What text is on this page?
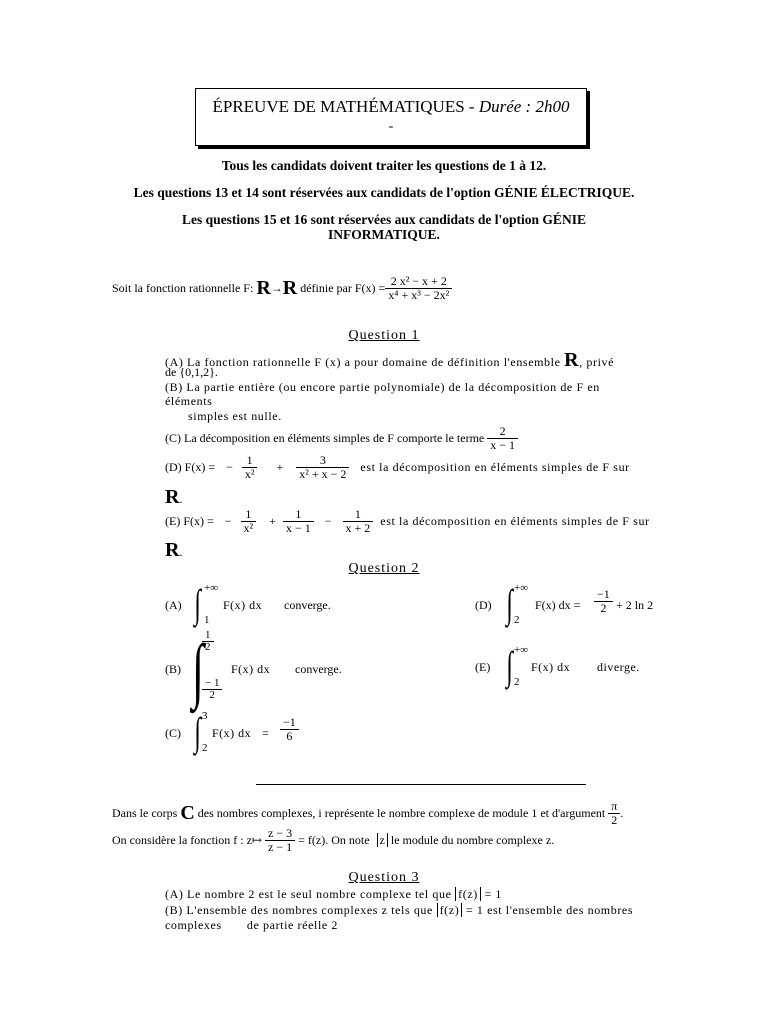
ÉPREUVE DE MATHÉMATIQUES - Durée : 2h00
-
Tous les candidats doivent traiter les questions de 1 à 12.
Les questions 13 et 14 sont réservées aux candidats de l'option GÉNIE ÉLECTRIQUE.
Les questions 15 et 16 sont réservées aux candidats de l'option GÉNIE
INFORMATIQUE.
Soit la fonction rationnelle F: R→R définie par $F(x) = \frac{\text{2 x² − x + 2}}{\text{x⁴ + x³ − 2x²}}$
Question 1
(A) La fonction rationnelle F (x) a pour domaine de définition l'ensemble R, privé
de {0,1,2}.
(B) La partie entière (ou encore partie polynomiale) de la décomposition de F en
éléments
simples est nulle.
(C) La décomposition en éléments simples de F comporte le terme $\frac{2}{x - 1}$
(D) F(x) = − $\frac{1}{\text{x²}} + \frac{3}{\text{x² + x − 2}}$ est la décomposition en éléments simples de F sur
R.
(E) F(x) = − $\frac{1}{\text{x²}} + \frac{1}{x - 1} - \frac{1}{x + 2}$ est la décomposition en éléments simples de F sur
R.
Question 2
(A) ∫ +∞
1
F(x) dx converge.	(D) ∫ +∞
2
F(x) dx = $\frac{-1}{2} + 2$ ln 2
(B) ∫
$\frac{1}{2}$
$\frac{- 1}{2}$
F(x) dx converge.	(E) ∫ +∞
2
F(x) dx diverge.
(C) ∫ 3
2
F(x) dx = $\frac{-1}{6}$
Dans le corps C des nombres complexes, i représente le nombre complexe de module 1 et d'argument $\frac{\pi}{2}$ .
On considère la fonction f : z↦ $\frac{z - 3}{z - 1} = f(z)$. On note z le module du nombre complexe z.
Question 3
(A) Le nombre 2 est le seul nombre complexe tel que f(z) = 1
(B) L'ensemble des nombres complexes z tels que f(z) = 1 est l'ensemble des nombres
complexes       de partie réelle 2
